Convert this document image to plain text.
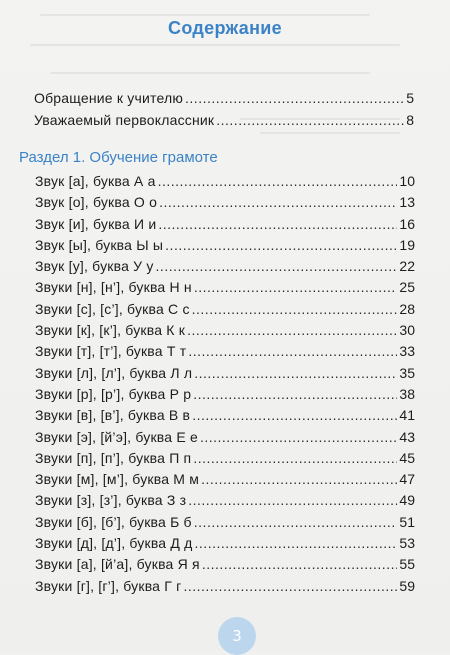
Содержание
Обращение к учителю .....	5
Уважаемый первоклассник .....	8
Раздел 1. Обучение грамоте
Звук [а], буква А а .....	10
Звук [о], буква О о .....	13
Звук [и], буква И и .....	16
Звук [ы], буква Ы ы .....	19
Звук [у], буква У у .....	22
Звуки [н], [н’], буква Н н .....	25
Звуки [с], [с’], буква С с .....	28
Звуки [к], [к’], буква К к .....	30
Звуки [т], [т’], буква Т т .....	33
Звуки [л], [л’], буква Л л .....	35
Звуки [р], [р’], буква Р р .....	38
Звуки [в], [в’], буква В в .....	41
Звуки [э], [й’э], буква Е е .....	43
Звуки [п], [п’], буква П п .....	45
Звуки [м], [м’], буква М м .....	47
Звуки [з], [з’], буква З з .....	49
Звуки [б], [б’], буква Б б .....	51
Звуки [д], [д’], буква Д д .....	53
Звуки [а], [й’а], буква Я я .....	55
Звуки [г], [г’], буква Г г .....	59
3
